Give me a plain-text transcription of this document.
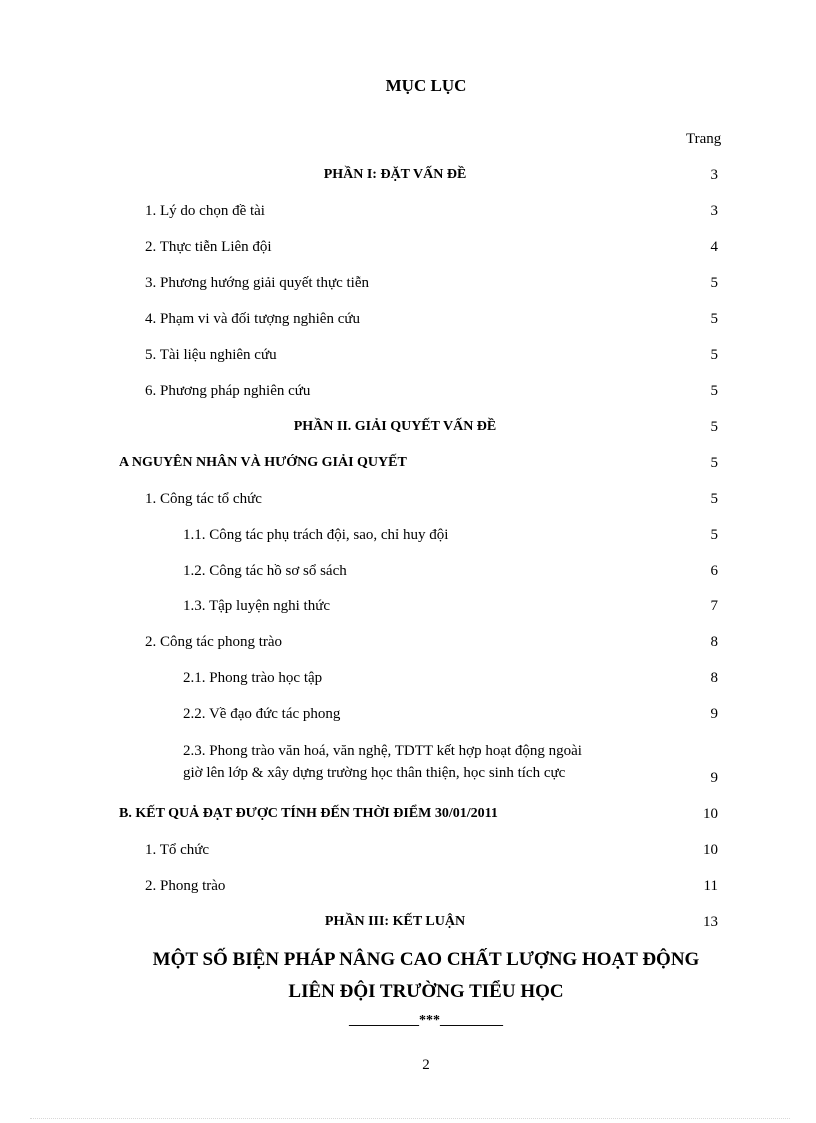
MỤC LỤC
Trang
PHẦN I: ĐẶT VẤN ĐỀ	3
1. Lý do chọn đề tài	3
2. Thực tiễn Liên đội	4
3. Phương hướng giải quyết thực tiễn	5
4. Phạm vi và đối tượng nghiên cứu	5
5. Tài liệu nghiên cứu	5
6. Phương pháp nghiên cứu	5
PHẦN II. GIẢI QUYẾT VẤN ĐỀ	5
A NGUYÊN NHÂN VÀ HƯỚNG GIẢI QUYẾT	5
1. Công tác tổ chức	5
1.1. Công tác phụ trách đội, sao, chỉ huy đội	5
1.2. Công tác hồ sơ sổ sách	6
1.3. Tập luyện nghi thức	7
2. Công tác phong trào	8
2.1. Phong trào học tập	8
2.2. Về đạo đức tác phong	9
2.3. Phong trào văn hoá, văn nghệ, TDTT kết hợp hoạt động ngoài
giờ lên lớp & xây dựng trường học thân thiện, học sinh tích cực	9
B. KẾT QUẢ ĐẠT ĐƯỢC TÍNH ĐẾN THỜI ĐIỂM 30/01/2011	10
1. Tổ chức	10
2. Phong trào	11
PHẦN III: KẾT LUẬN	13
MỘT SỐ BIỆN PHÁP NÂNG CAO CHẤT LƯỢNG HOẠT ĐỘNG
LIÊN ĐỘI TRƯỜNG TIỂU HỌC
__________***_________
2
